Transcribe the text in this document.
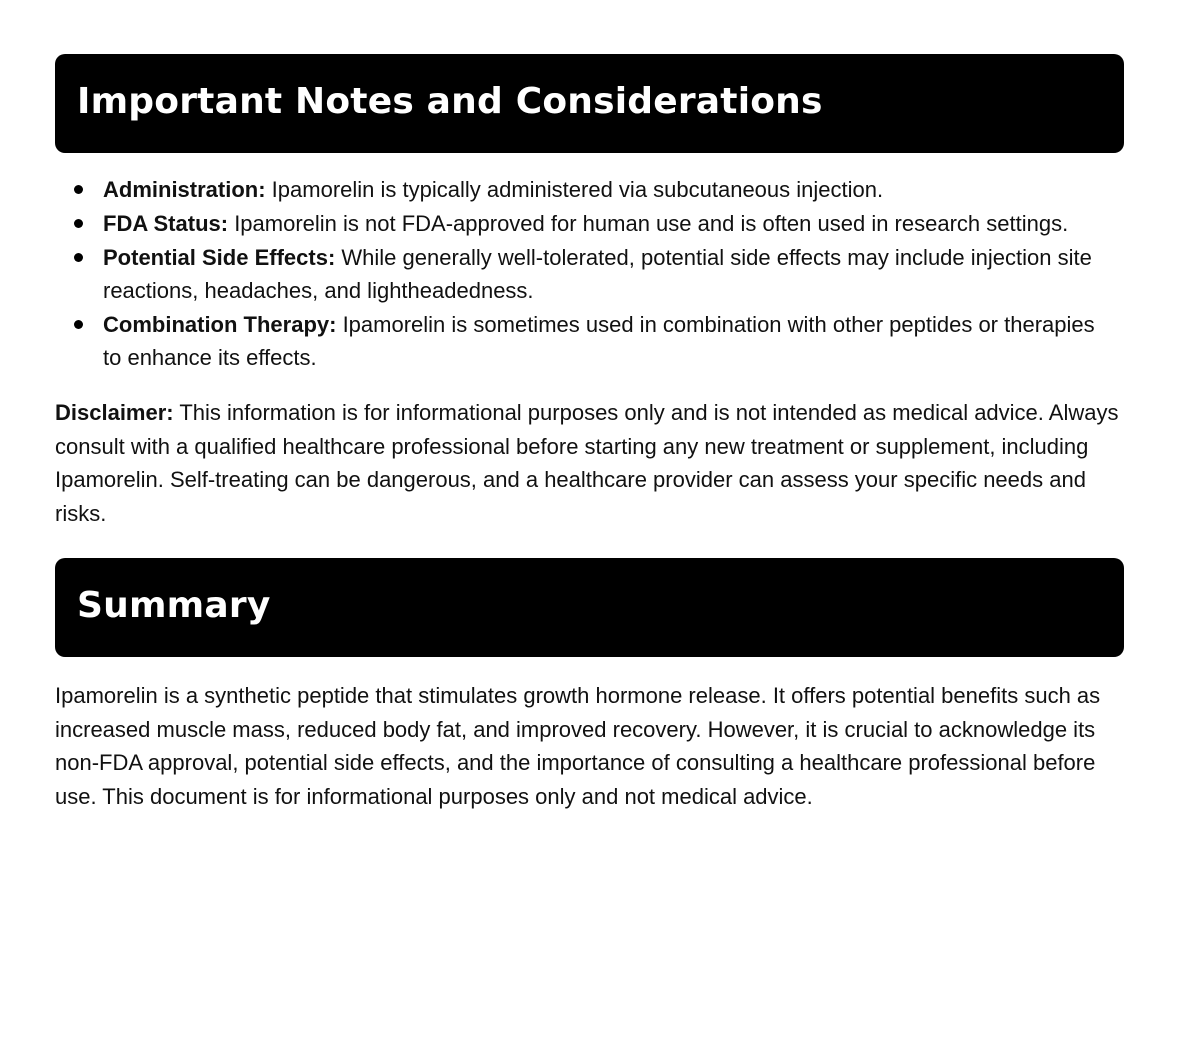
Important Notes and Considerations
Administration: Ipamorelin is typically administered via subcutaneous injection.
FDA Status: Ipamorelin is not FDA-approved for human use and is often used in research settings.
Potential Side Effects: While generally well-tolerated, potential side effects may include injection site reactions, headaches, and lightheadedness.
Combination Therapy: Ipamorelin is sometimes used in combination with other peptides or therapies to enhance its effects.

Disclaimer: This information is for informational purposes only and is not intended as medical advice. Always consult with a qualified healthcare professional before starting any new treatment or supplement, including Ipamorelin. Self-treating can be dangerous, and a healthcare provider can assess your specific needs and risks.

Summary

Ipamorelin is a synthetic peptide that stimulates growth hormone release. It offers potential benefits such as increased muscle mass, reduced body fat, and improved recovery. However, it is crucial to acknowledge its non-FDA approval, potential side effects, and the importance of consulting a healthcare professional before use. This document is for informational purposes only and not medical advice.
